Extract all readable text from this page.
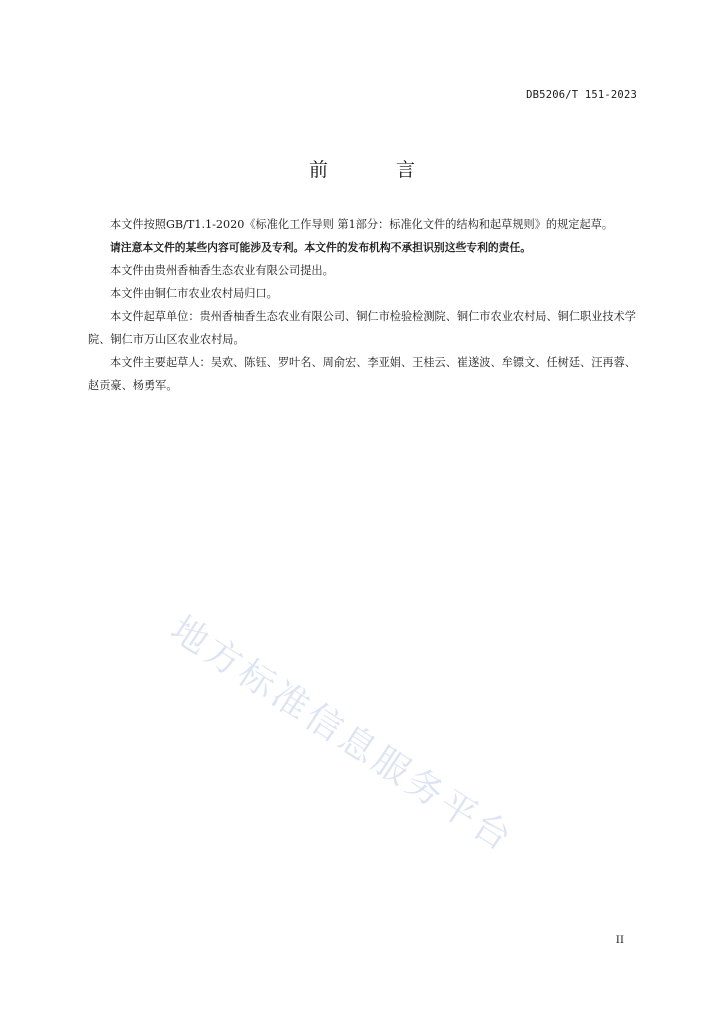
DB5206/T 151-2023
前	言

本文件按照GB/T1.1-2020《标准化工作导则 第1部分：标准化文件的结构和起草规则》的规定起草。

请注意本文件的某些内容可能涉及专利。本文件的发布机构不承担识别这些专利的责任。

本文件由贵州香柚香生态农业有限公司提出。

本文件由铜仁市农业农村局归口。

本文件起草单位：贵州香柚香生态农业有限公司、铜仁市检验检测院、铜仁市农业农村局、铜仁职业技术学院、铜仁市万山区农业农村局。

本文件主要起草人：吴欢、陈钰、罗叶名、周俞宏、李亚娟、王桂云、崔遂波、牟镖文、任树廷、汪再蓉、赵贡豪、杨勇军。

地方标准信息服务平台
II
